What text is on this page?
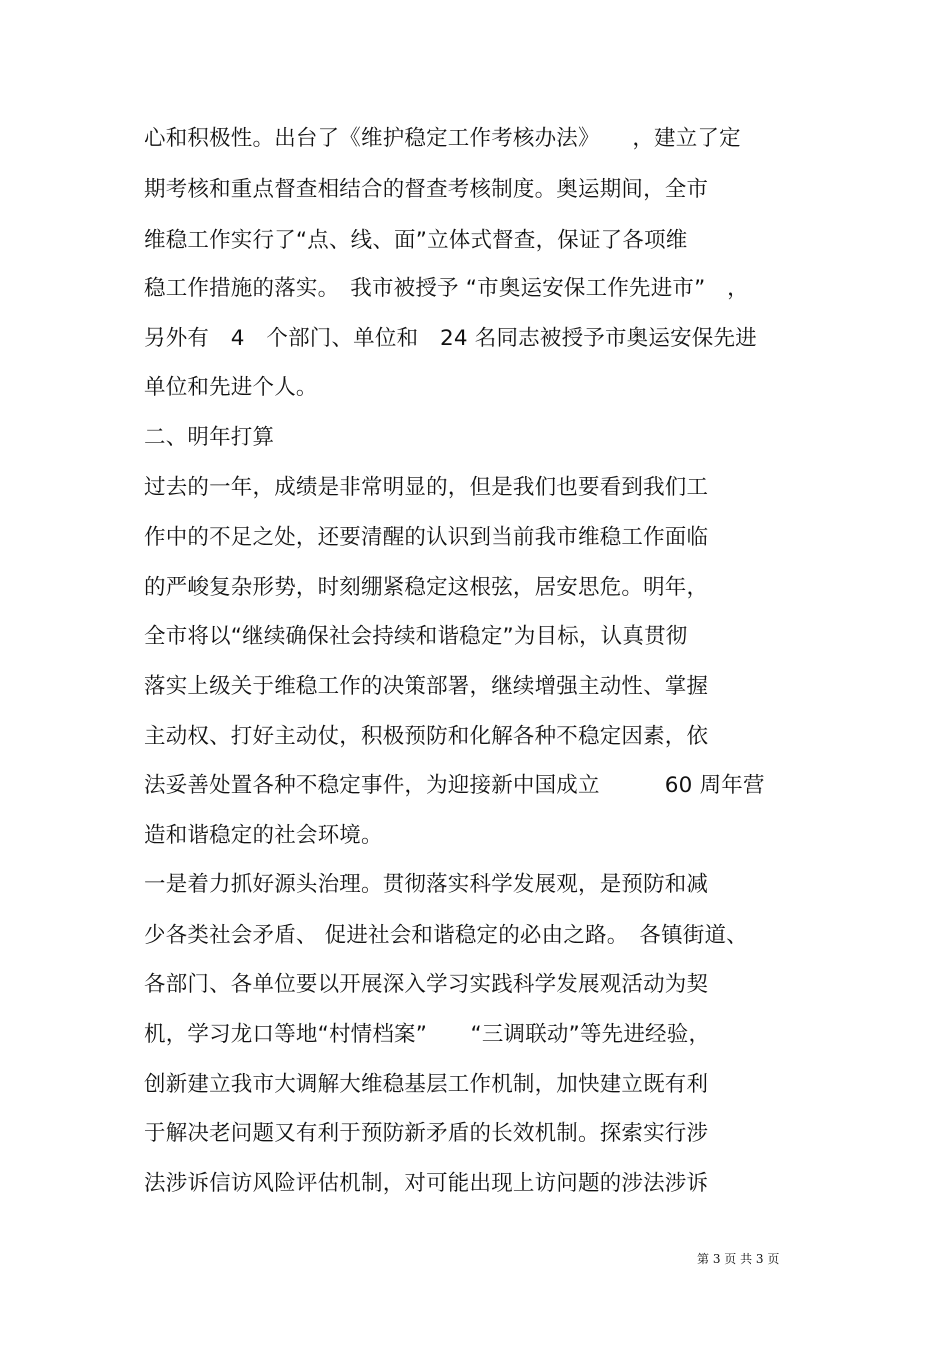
心和积极性。出台了《维护稳定工作考核办法》　　，建立了定
期考核和重点督查相结合的督查考核制度。奥运期间，全市
维稳工作实行了“点、线、面”立体式督查，保证了各项维
稳工作措施的落实。　我市被授予 “市奥运安保工作先进市”　，
另外有　4　个部门、单位和　24 名同志被授予市奥运安保先进
单位和先进个人。
二、明年打算
过去的一年，成绩是非常明显的，但是我们也要看到我们工
作中的不足之处，还要清醒的认识到当前我市维稳工作面临
的严峻复杂形势，时刻绷紧稳定这根弦，居安思危。明年，
全市将以“继续确保社会持续和谐稳定”为目标，认真贯彻
落实上级关于维稳工作的决策部署，继续增强主动性、掌握
主动权、打好主动仗，积极预防和化解各种不稳定因素，依
法妥善处置各种不稳定事件，为迎接新中国成立　　　60 周年营
造和谐稳定的社会环境。
一是着力抓好源头治理。贯彻落实科学发展观，是预防和减
少各类社会矛盾、 促进社会和谐稳定的必由之路。　各镇街道、
各部门、各单位要以开展深入学习实践科学发展观活动为契
机，学习龙口等地“村情档案”　　“三调联动”等先进经验，
创新建立我市大调解大维稳基层工作机制，加快建立既有利
于解决老问题又有利于预防新矛盾的长效机制。探索实行涉
法涉诉信访风险评估机制，对可能出现上访问题的涉法涉诉
第 3 页 共 3 页
